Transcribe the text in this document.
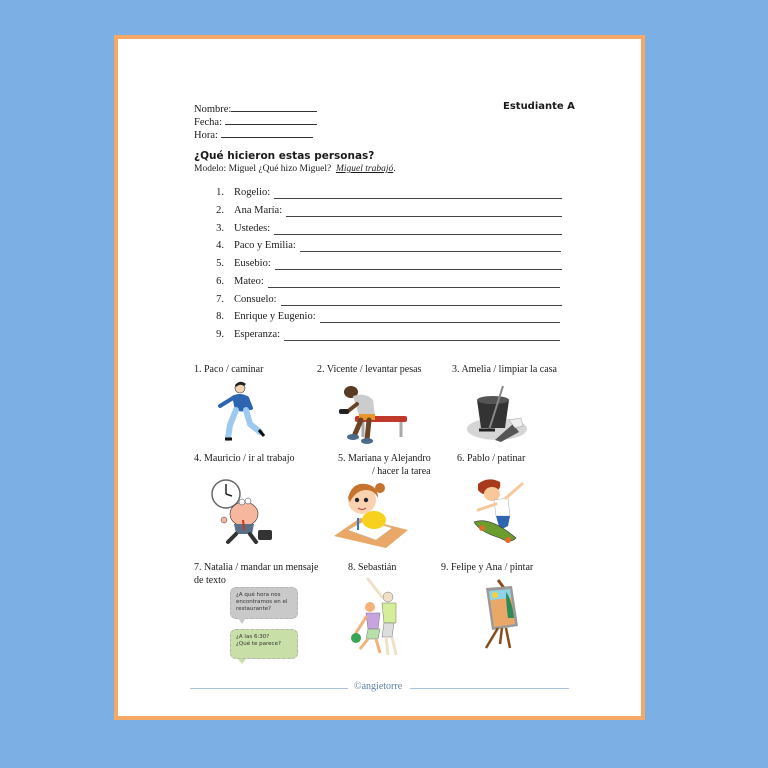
Nombre:
Fecha:
Hora:
Estudiante A
¿Qué hicieron estas personas?
Modelo: Miguel ¿Qué hizo Miguel? Miguel trabajó.
1. Rogelio:
2. Ana María:
3. Ustedes:
4. Paco y Emilia:
5. Eusebio:
6. Mateo:
7. Consuelo:
8. Enrique y Eugenio:
9. Esperanza:
1. Paco / caminar	2. Vicente / levantar pesas	3. Amelia / limpiar la casa
4. Mauricio / ir al trabajo	5. Mariana y Alejandro
/ hacer la tarea
6. Pablo / patinar
7. Natalia / mandar un mensaje
de texto
8. Sebastián	9. Felipe y Ana / pintar
¿A qué hora nos encontramos en el restaurante?
¿A las 6:30?
¿Qué te parece?
©angietorre
